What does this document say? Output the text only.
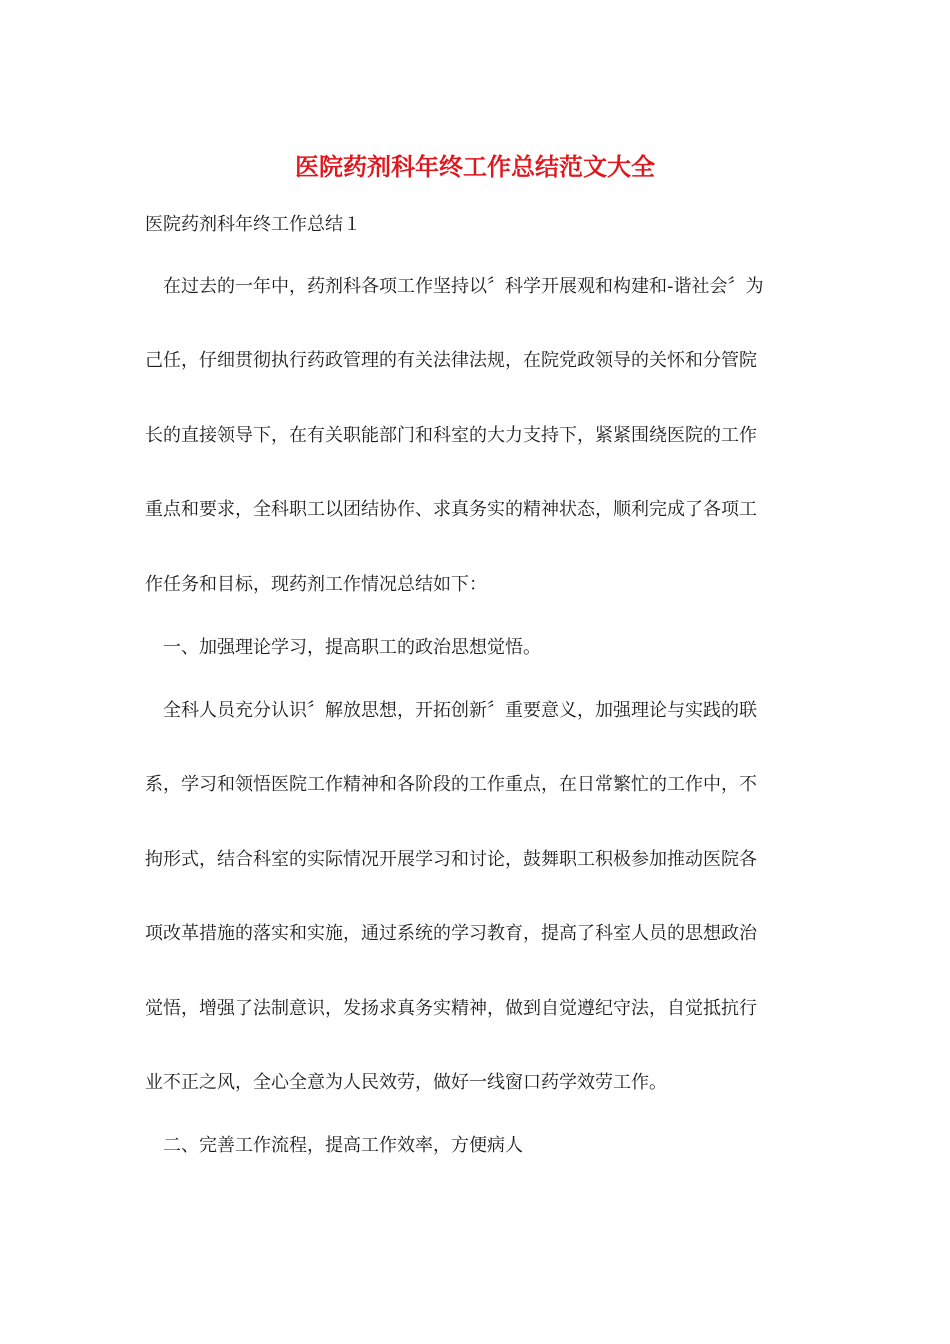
医院药剂科年终工作总结范文大全
医院药剂科年终工作总结１

在过去的一年中，药剂科各项工作坚持以〞科学开展观和构建和-谐社会〞为

己任，仔细贯彻执行药政管理的有关法律法规，在院党政领导的关怀和分管院

长的直接领导下，在有关职能部门和科室的大力支持下，紧紧围绕医院的工作

重点和要求，全科职工以团结协作、求真务实的精神状态，顺利完成了各项工

作任务和目标，现药剂工作情况总结如下：

一、加强理论学习，提高职工的政治思想觉悟。

全科人员充分认识〞解放思想，开拓创新〞重要意义，加强理论与实践的联

系，学习和领悟医院工作精神和各阶段的工作重点，在日常繁忙的工作中，不

拘形式，结合科室的实际情况开展学习和讨论，鼓舞职工积极参加推动医院各

项改革措施的落实和实施，通过系统的学习教育，提高了科室人员的思想政治

觉悟，增强了法制意识，发扬求真务实精神，做到自觉遵纪守法，自觉抵抗行

业不正之风，全心全意为人民效劳，做好一线窗口药学效劳工作。

二、完善工作流程，提高工作效率，方便病人
